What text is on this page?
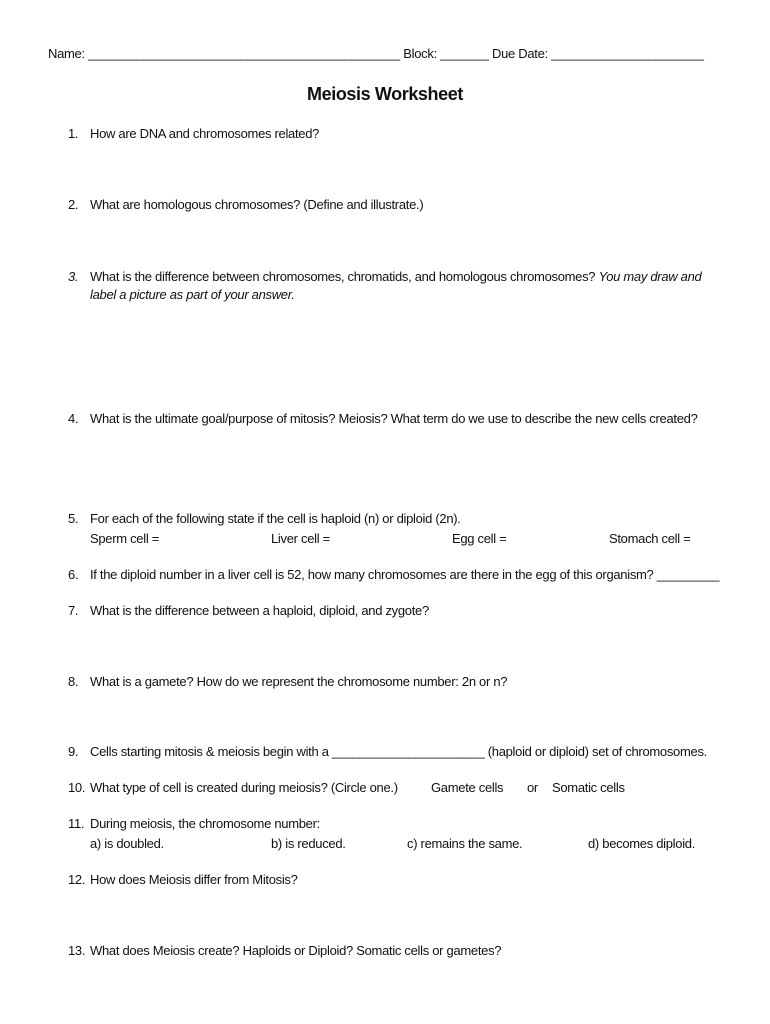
Name: _____________________________________________ Block: _______ Due Date: ______________________
Meiosis Worksheet
1. How are DNA and chromosomes related?
2. What are homologous chromosomes? (Define and illustrate.)
3. What is the difference between chromosomes, chromatids, and homologous chromosomes? You may draw and label a picture as part of your answer.
4. What is the ultimate goal/purpose of mitosis? Meiosis? What term do we use to describe the new cells created?
5. For each of the following state if the cell is haploid (n) or diploid (2n).
Sperm cell =	Liver cell =	Egg cell =	Stomach cell =
6. If the diploid number in a liver cell is 52, how many chromosomes are there in the egg of this organism? _________
7. What is the difference between a haploid, diploid, and zygote?
8. What is a gamete? How do we represent the chromosome number: 2n or n?
9. Cells starting mitosis & meiosis begin with a ______________________ (haploid or diploid) set of chromosomes.
10. What type of cell is created during meiosis? (Circle one.)	Gamete cells or Somatic cells
11. During meiosis, the chromosome number:
a) is doubled.	b) is reduced.	c) remains the same.	d) becomes diploid.
12. How does Meiosis differ from Mitosis?
13. What does Meiosis create? Haploids or Diploid? Somatic cells or gametes?
